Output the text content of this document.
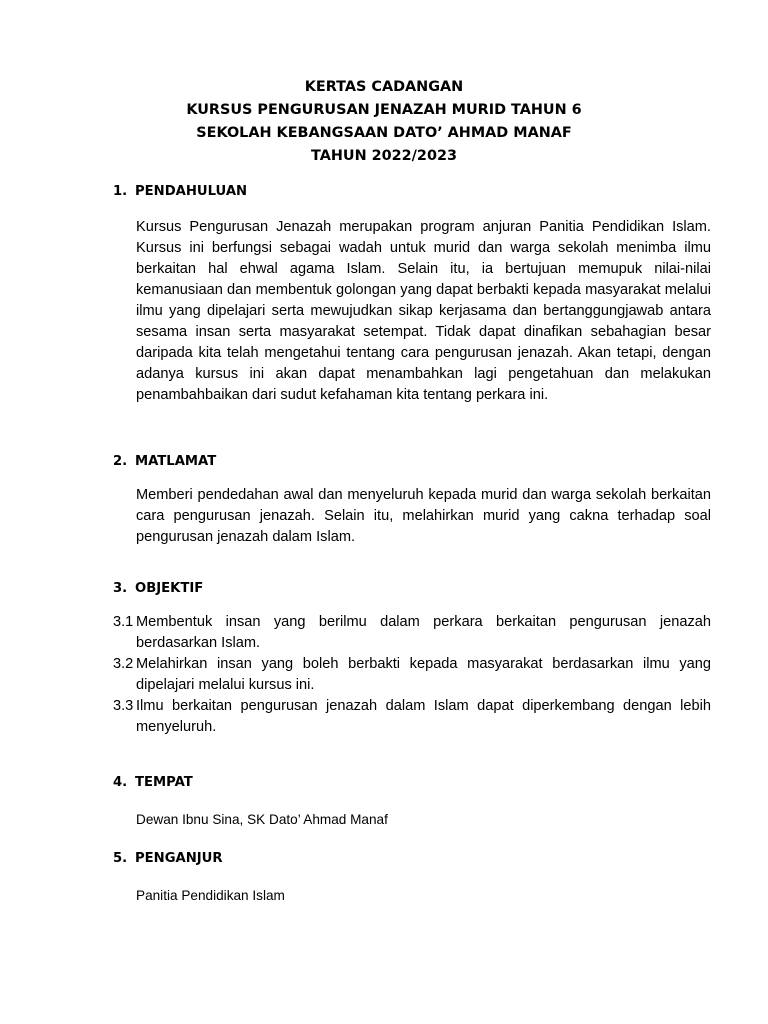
KERTAS CADANGAN
KURSUS PENGURUSAN JENAZAH MURID TAHUN 6
SEKOLAH KEBANGSAAN DATO’ AHMAD MANAF
TAHUN 2022/2023
1. PENDAHULUAN
Kursus Pengurusan Jenazah merupakan program anjuran Panitia Pendidikan Islam. Kursus ini berfungsi sebagai wadah untuk murid dan warga sekolah menimba ilmu berkaitan hal ehwal agama Islam. Selain itu, ia bertujuan memupuk nilai-nilai kemanusiaan dan membentuk golongan yang dapat berbakti kepada masyarakat melalui ilmu yang dipelajari serta mewujudkan sikap kerjasama dan bertanggungjawab antara sesama insan serta masyarakat setempat. Tidak dapat dinafikan sebahagian besar daripada kita telah mengetahui tentang cara pengurusan jenazah. Akan tetapi, dengan adanya kursus ini akan dapat menambahkan lagi pengetahuan dan melakukan penambahbaikan dari sudut kefahaman kita tentang perkara ini.
2. MATLAMAT
Memberi pendedahan awal dan menyeluruh kepada murid dan warga sekolah berkaitan cara pengurusan jenazah. Selain itu, melahirkan murid yang cakna terhadap soal pengurusan jenazah dalam Islam.
3. OBJEKTIF
3.1 Membentuk insan yang berilmu dalam perkara berkaitan pengurusan jenazah berdasarkan Islam.
3.2 Melahirkan insan yang boleh berbakti kepada masyarakat berdasarkan ilmu yang dipelajari melalui kursus ini.
3.3 Ilmu berkaitan pengurusan jenazah dalam Islam dapat diperkembang dengan lebih menyeluruh.
4. TEMPAT
Dewan Ibnu Sina, SK Dato’ Ahmad Manaf
5. PENGANJUR
Panitia Pendidikan Islam
